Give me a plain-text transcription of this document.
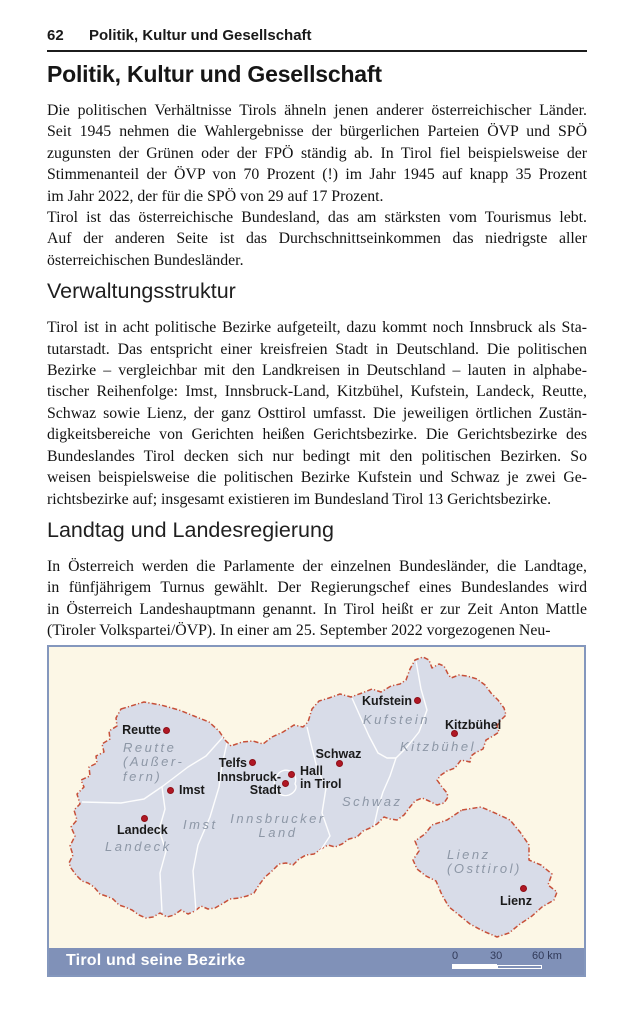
62 Politik, Kultur und Gesellschaft
Politik, Kultur und Gesellschaft
Die politischen Verhältnisse Tirols ähneln jenen anderer österreichischer Länder.
Seit 1945 nehmen die Wahlergebnisse der bürgerlichen Parteien ÖVP und SPÖ
zugunsten der Grünen oder der FPÖ ständig ab. In Tirol fiel beispielsweise der
Stimmenanteil der ÖVP von 70 Prozent (!) im Jahr 1945 auf knapp 35 Prozent
im Jahr 2022, der für die SPÖ von 29 auf 17 Prozent.
Tirol ist das österreichische Bundesland, das am stärksten vom Tourismus lebt.
Auf der anderen Seite ist das Durchschnittseinkommen das niedrigste aller
österreichischen Bundesländer.
Verwaltungsstruktur
Tirol ist in acht politische Bezirke aufgeteilt, dazu kommt noch Innsbruck als Sta-
tutarstadt. Das entspricht einer kreisfreien Stadt in Deutschland. Die politischen
Bezirke – vergleichbar mit den Landkreisen in Deutschland – lauten in alphabe-
tischer Reihenfolge: Imst, Innsbruck-Land, Kitzbühel, Kufstein, Landeck, Reutte,
Schwaz sowie Lienz, der ganz Osttirol umfasst. Die jeweiligen örtlichen Zustän-
digkeitsbereiche von Gerichten heißen Gerichtsbezirke. Die Gerichtsbezirke des
Bundeslandes Tirol decken sich nur bedingt mit den politischen Bezirken. So
weisen beispielsweise die politischen Bezirke Kufstein und Schwaz je zwei Ge-
richtsbezirke auf; insgesamt existieren im Bundesland Tirol 13 Gerichtsbezirke.
Landtag und Landesregierung
In Österreich werden die Parlamente der einzelnen Bundesländer, die Landtage,
in fünfjährigem Turnus gewählt. Der Regierungschef eines Bundeslandes wird
in Österreich Landeshauptmann genannt. In Tirol heißt er zur Zeit Anton Mattle
(Tiroler Volkspartei/ÖVP). In einer am 25. September 2022 vorgezogenen Neu-
Reutte
Kufstein
Kitzbühel
Telfs
Schwaz
Hall
in Tirol
Innsbruck-
Stadt
Imst
Landeck
Lienz
Reutte
(Außer-
fern)
Imst
Landeck
Innsbrucker
Land
Schwaz
Kufstein
Kitzbühel
Lienz
(Osttirol)
Tirol und seine Bezirke	0	30	60 km
